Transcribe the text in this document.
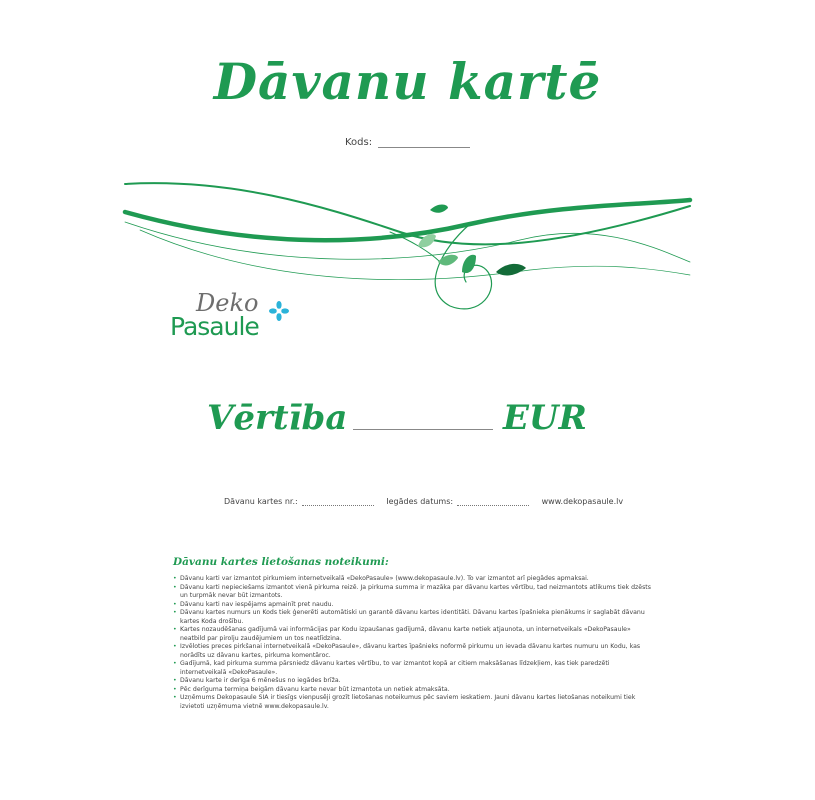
Dāvanu kartē
Kods:
Deko
Pasaule
Vērtība	EUR
Dāvanu kartes nr.:	Iegādes datums:	www.dekopasaule.lv
Dāvanu kartes lietošanas noteikumi:
• Dāvanu karti var izmantot pirkumiem internetveikalā «DekoPasaule» (www.dekopasaule.lv). To var izmantot arī piegādes apmaksai.
• Dāvanu karti nepieciešams izmantot vienā pirkuma reizē. Ja pirkuma summa ir mazāka par dāvanu kartes vērtību, tad neizmantots atlikums tiek dzēsts un turpmāk nevar būt izmantots.
• Dāvanu karti nav iespējams apmainīt pret naudu.
• Dāvanu kartes numurs un Kods tiek ģenerēti automātiski un garantē dāvanu kartes identitāti. Dāvanu kartes īpašnieka pienākums ir saglabāt dāvanu kartes Koda drošību.
• Kartes nozaudēšanas gadījumā vai informācijas par Kodu izpaušanas gadījumā, dāvanu karte netiek atjaunota, un internetveikals «DekoPasaule» neatbild par pirolju zaudējumiem un tos neatlīdzina.
• Izvēloties preces pirkšanai internetveikalā «DekoPasaule», dāvanu kartes īpašnieks noformē pirkumu un ievada dāvanu kartes numuru un Kodu, kas norādīts uz dāvanu kartes, pirkuma komentārос.
• Gadījumā, kad pirkuma summa pārsniedz dāvanu kartes vērtību, to var izmantot kopā ar citiem maksāšanas līdzekļiem, kas tiek paredzēti internetveikalā «DekoPasaule».
• Dāvanu karte ir derīga 6 mēnešus no iegādes brīža.
• Pēc derīguma termiņa beigām dāvanu karte nevar būt izmantota un netiek atmaksāta.
• Uzņēmums Dekopasaule SIA ir tiesīgs vienpusēji grozīt lietošanas noteikumus pēc saviem ieskatiem. Jauni dāvanu kartes lietošanas noteikumi tiek izvietoti uzņēmuma vietnē www.dekopasaule.lv.
